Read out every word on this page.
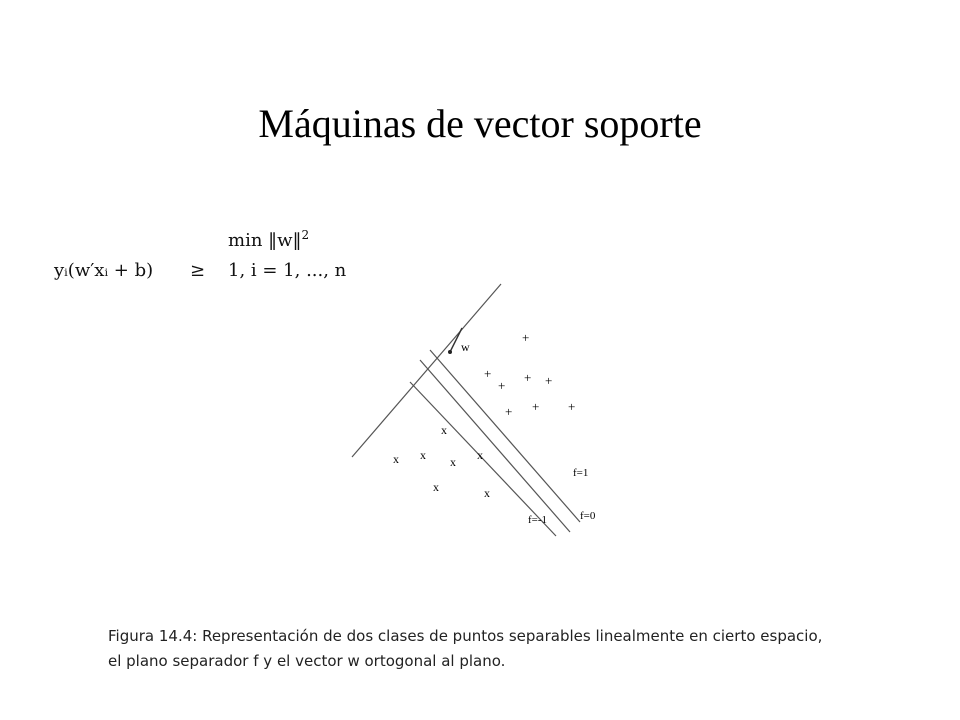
Máquinas de vector soporte
min ‖w‖$^2$
yᵢ(w′xᵢ + b) ≥ 1, i = 1, ..., n
w
+
+
+
+ +
+ + +
x
x x x x
x	x
f=1
f=0
f=-1
Figura 14.4: Representación de dos clases de puntos separables linealmente en cierto espacio,
el plano separador f y el vector w ortogonal al plano.
